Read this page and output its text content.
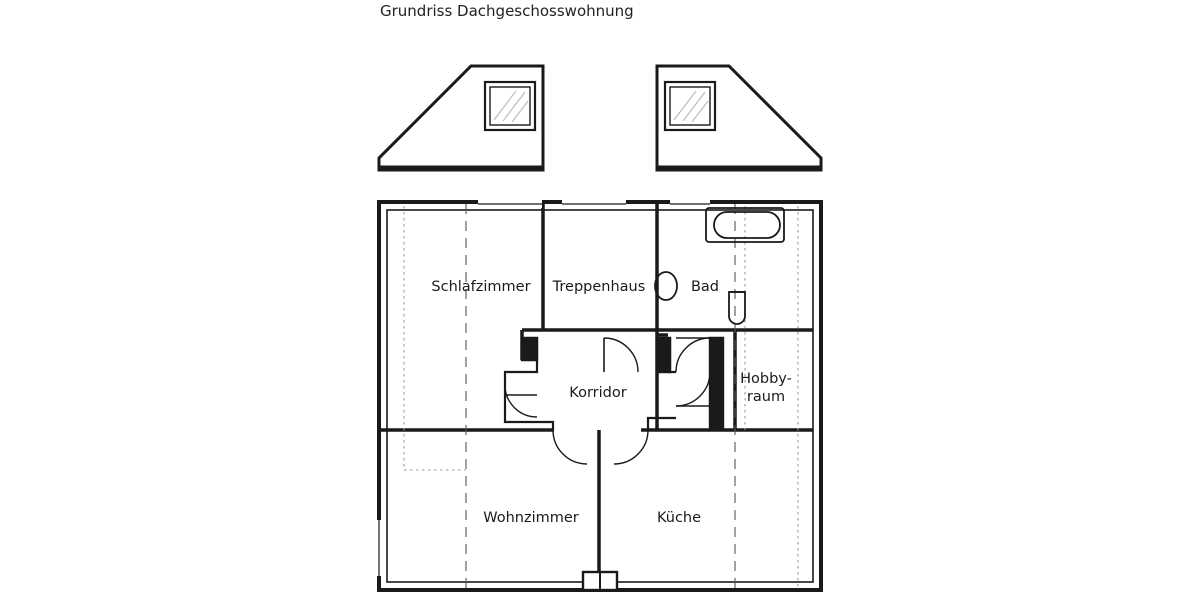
Grundriss Dachgeschosswohnung
Schlafzimmer Treppenhaus	Bad
Korridor
Hobby-
raum
Wohnzimmer	Küche
